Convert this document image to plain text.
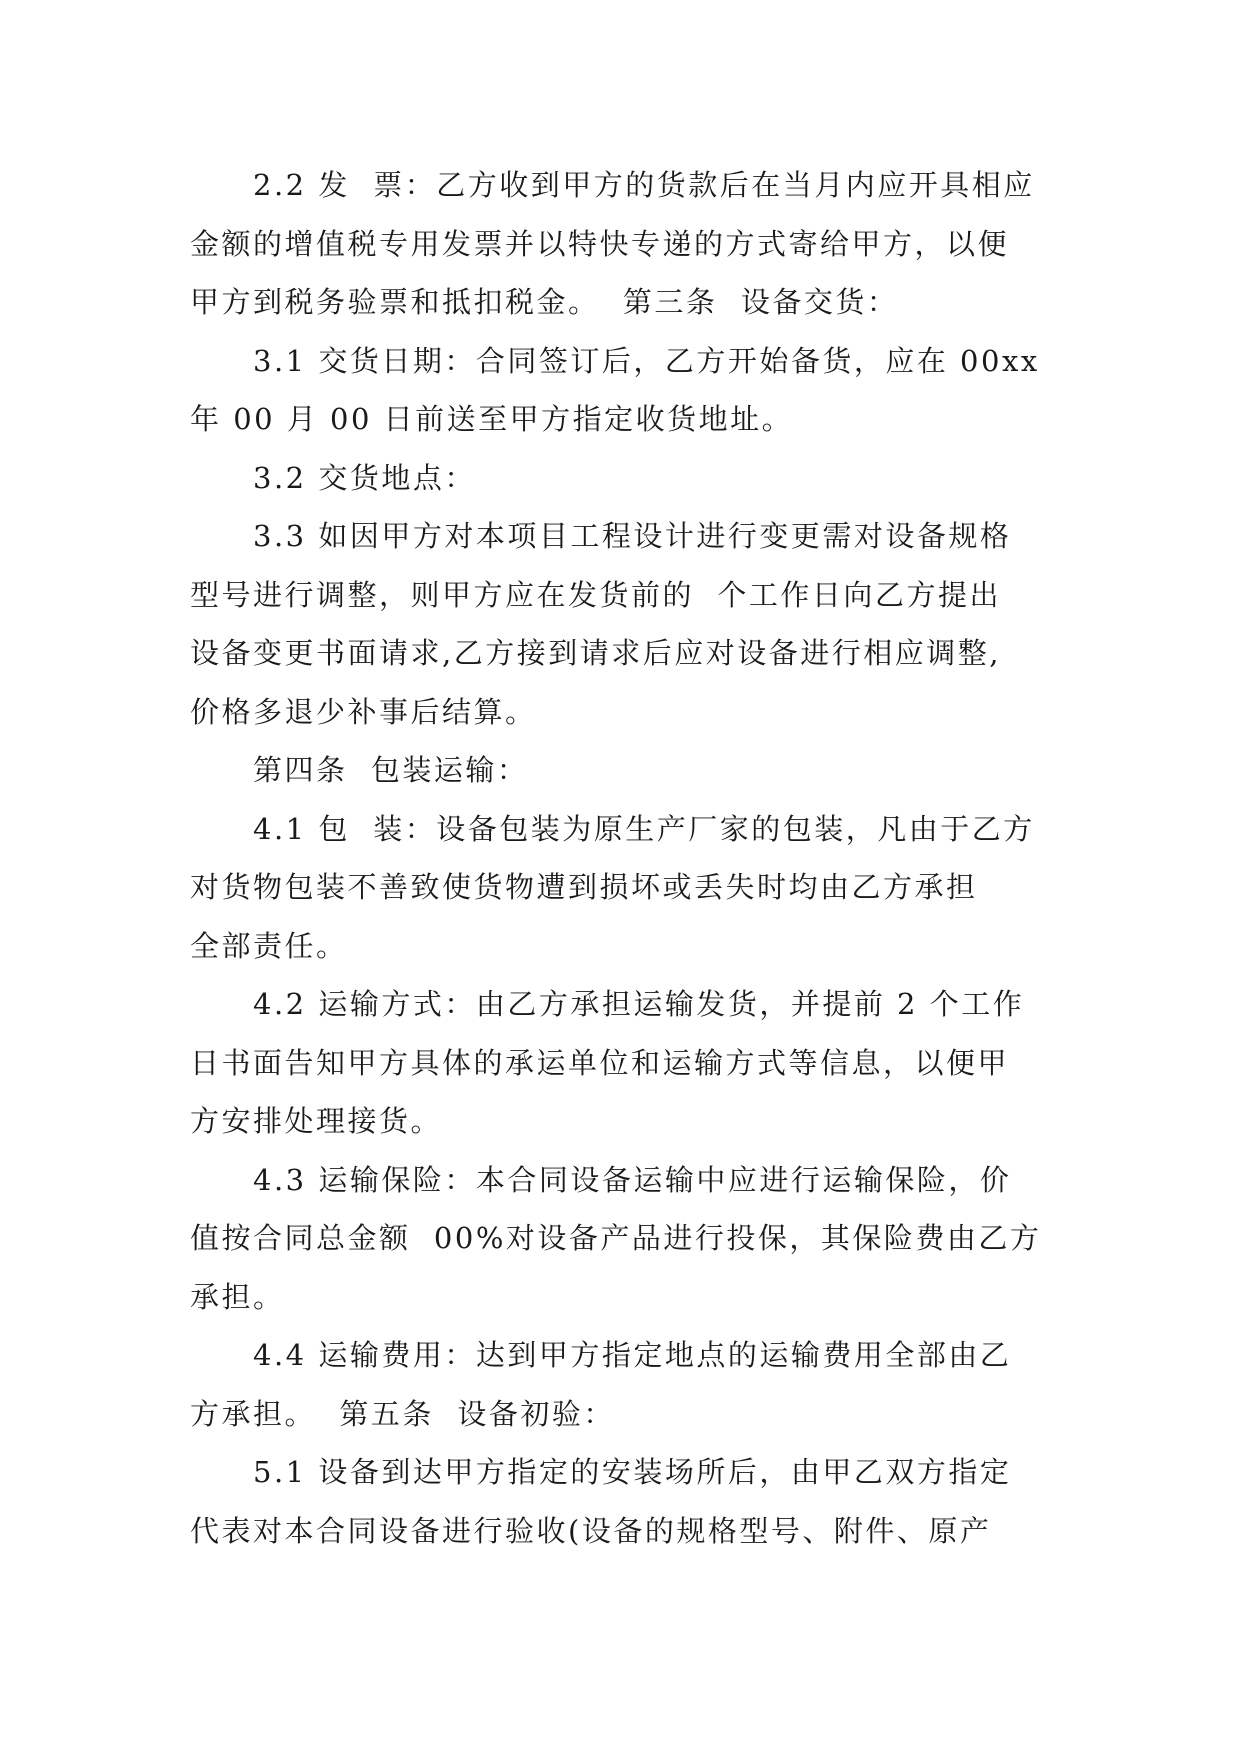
2.2 发  票：乙方收到甲方的货款后在当月内应开具相应
金额的增值税专用发票并以特快专递的方式寄给甲方，以便
甲方到税务验票和抵扣税金。  第三条  设备交货：
3.1 交货日期：合同签订后，乙方开始备货，应在 00xx
年 00 月 00 日前送至甲方指定收货地址。
3.2 交货地点：
3.3 如因甲方对本项目工程设计进行变更需对设备规格
型号进行调整，则甲方应在发货前的  个工作日向乙方提出
设备变更书面请求,乙方接到请求后应对设备进行相应调整,
价格多退少补事后结算。
第四条  包装运输：
4.1 包  装：设备包装为原生产厂家的包装，凡由于乙方
对货物包装不善致使货物遭到损坏或丢失时均由乙方承担
全部责任。
4.2 运输方式：由乙方承担运输发货，并提前 2 个工作
日书面告知甲方具体的承运单位和运输方式等信息，以便甲
方安排处理接货。
4.3 运输保险：本合同设备运输中应进行运输保险，价
值按合同总金额  00%对设备产品进行投保，其保险费由乙方
承担。
4.4 运输费用：达到甲方指定地点的运输费用全部由乙
方承担。  第五条  设备初验：
5.1 设备到达甲方指定的安装场所后，由甲乙双方指定
代表对本合同设备进行验收(设备的规格型号、附件、原产
